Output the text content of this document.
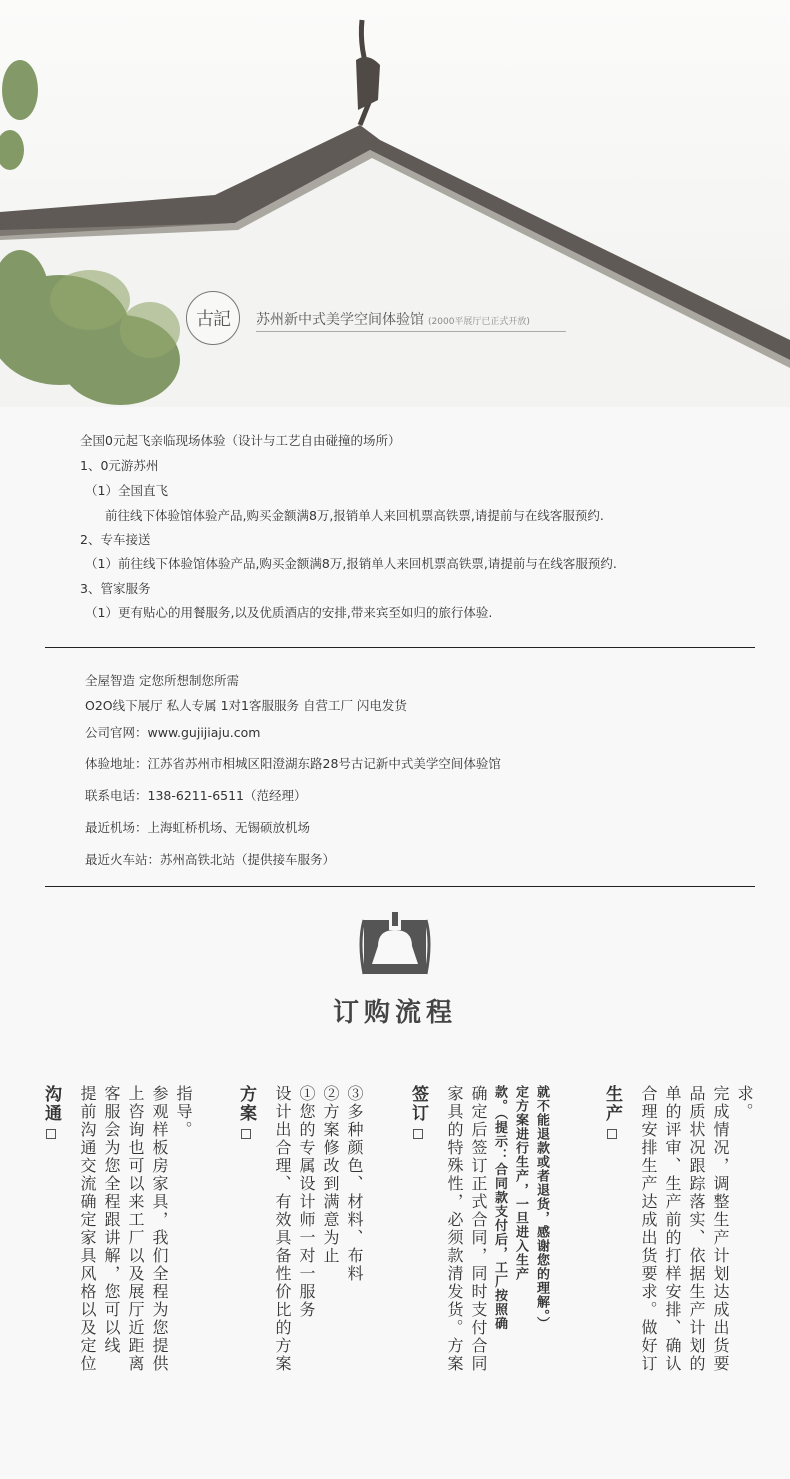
古記	苏州新中式美学空间体验馆 (2000平展厅已正式开放)
全国0元起飞亲临现场体验（设计与工艺自由碰撞的场所）
1、0元游苏州
（1）全国直飞
前往线下体验馆体验产品,购买金额满8万,报销单人来回机票高铁票,请提前与在线客服预约.
2、专车接送
（1）前往线下体验馆体验产品,购买金额满8万,报销单人来回机票高铁票,请提前与在线客服预约.
3、管家服务
（1）更有贴心的用餐服务,以及优质酒店的安排,带来宾至如归的旅行体验.
全屋智造 定您所想制您所需
O2O线下展厅 私人专属 1对1客服服务 自营工厂 闪电发货
公司官网：www.gujijiaju.com
体验地址：江苏省苏州市相城区阳澄湖东路28号古记新中式美学空间体验馆
联系电话：138-6211-6511（范经理）
最近机场：上海虹桥机场、无锡硕放机场
最近火车站：苏州高铁北站（提供接车服务）
订购流程
沟通 提前沟通交流确定家具风格以及定位 客服会为您全程跟讲解，您可以线 上咨询也可以来工厂以及展厅近距离 参观样板房家具，我们全程为您提供 指导。	方案 设计出合理、有效具备性价比的方案 ①您的专属设计师一对一服务 ②方案修改到满意为止 ③多种颜色、材料、布料	签订 家具的特殊性，必须款清发货。方案 确定后签订正式合同，同时支付合同 款。（提示：合同款支付后，工厂按照确 定方案进行生产，一旦进入生产 就不能退款或者退货，感谢您的理解。）	生产 合理安排生产达成出货要求。做好订 单的评审、生产前的打样安排、确认 品质状况跟踪落实、依据生产计划的 完成情况，调整生产计划达成出货要 求。
